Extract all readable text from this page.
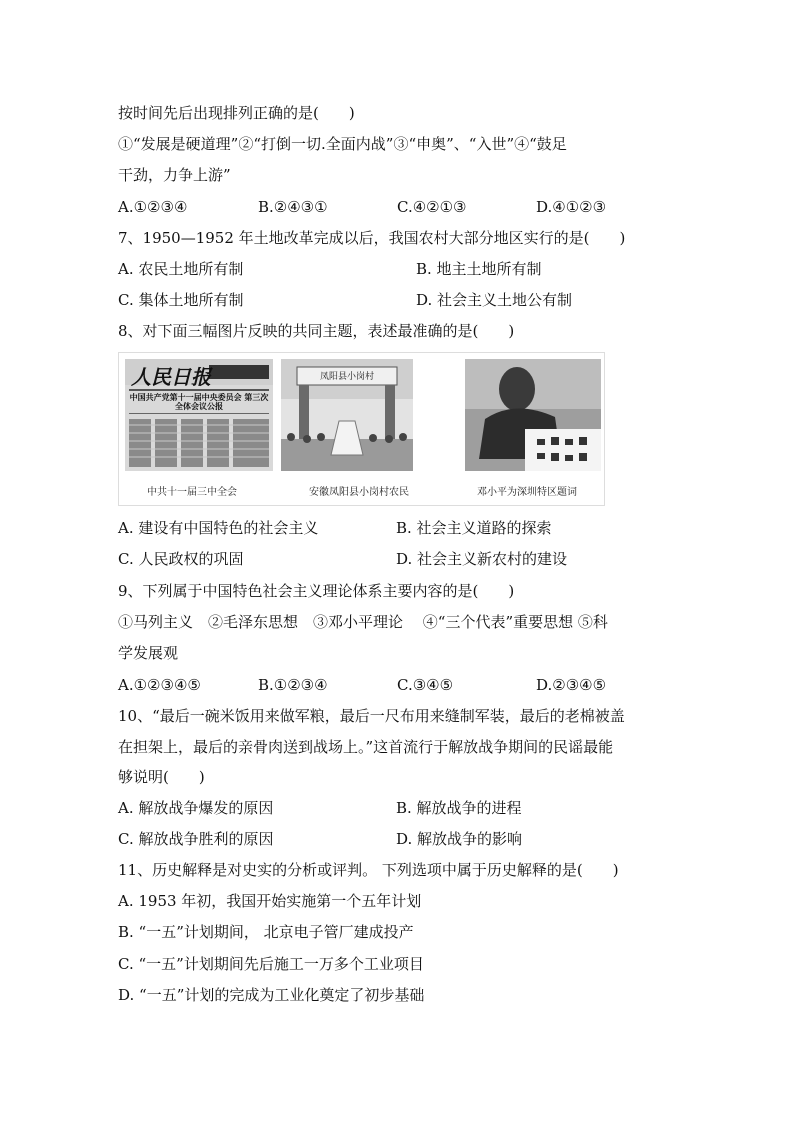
按时间先后出现排列正确的是(　　)
①“发展是硬道理”②“打倒一切.全面内战”③“申奥”、“入世”④“鼓足
干劲，力争上游”
A.①②③④	B.②④③①	C.④②①③	D.④①②③
7、1950—1952 年土地改革完成以后，我国农村大部分地区实行的是(　　)
A. 农民土地所有制	B. 地主土地所有制
C. 集体土地所有制	D. 社会主义土地公有制
8、对下面三幅图片反映的共同主题，表述最准确的是(　　)
人民日报
中国共产党第十一届中央委员会 第三次全体会议公报
凤阳县小岗村
中共十一届三中全会	安徽凤阳县小岗村农民	邓小平为深圳特区题词
A. 建设有中国特色的社会主义	B. 社会主义道路的探索
C. 人民政权的巩固	D. 社会主义新农村的建设
9、下列属于中国特色社会主义理论体系主要内容的是(　　)
①马列主义　②毛泽东思想　③邓小平理论　 ④“三个代表”重要思想 ⑤科
学发展观
A.①②③④⑤	B.①②③④	C.③④⑤	D.②③④⑤
10、“最后一碗米饭用来做军粮，最后一尺布用来缝制军装，最后的老棉被盖
在担架上，最后的亲骨肉送到战场上。”这首流行于解放战争期间的民谣最能
够说明(　　)
A. 解放战争爆发的原因	B. 解放战争的进程
C. 解放战争胜利的原因	D. 解放战争的影响
11、历史解释是对史实的分析或评判。 下列选项中属于历史解释的是(　　)
A. 1953 年初，我国开始实施第一个五年计划
B. “一五”计划期间， 北京电子管厂建成投产
C. “一五”计划期间先后施工一万多个工业项目
D. “一五”计划的完成为工业化奠定了初步基础
